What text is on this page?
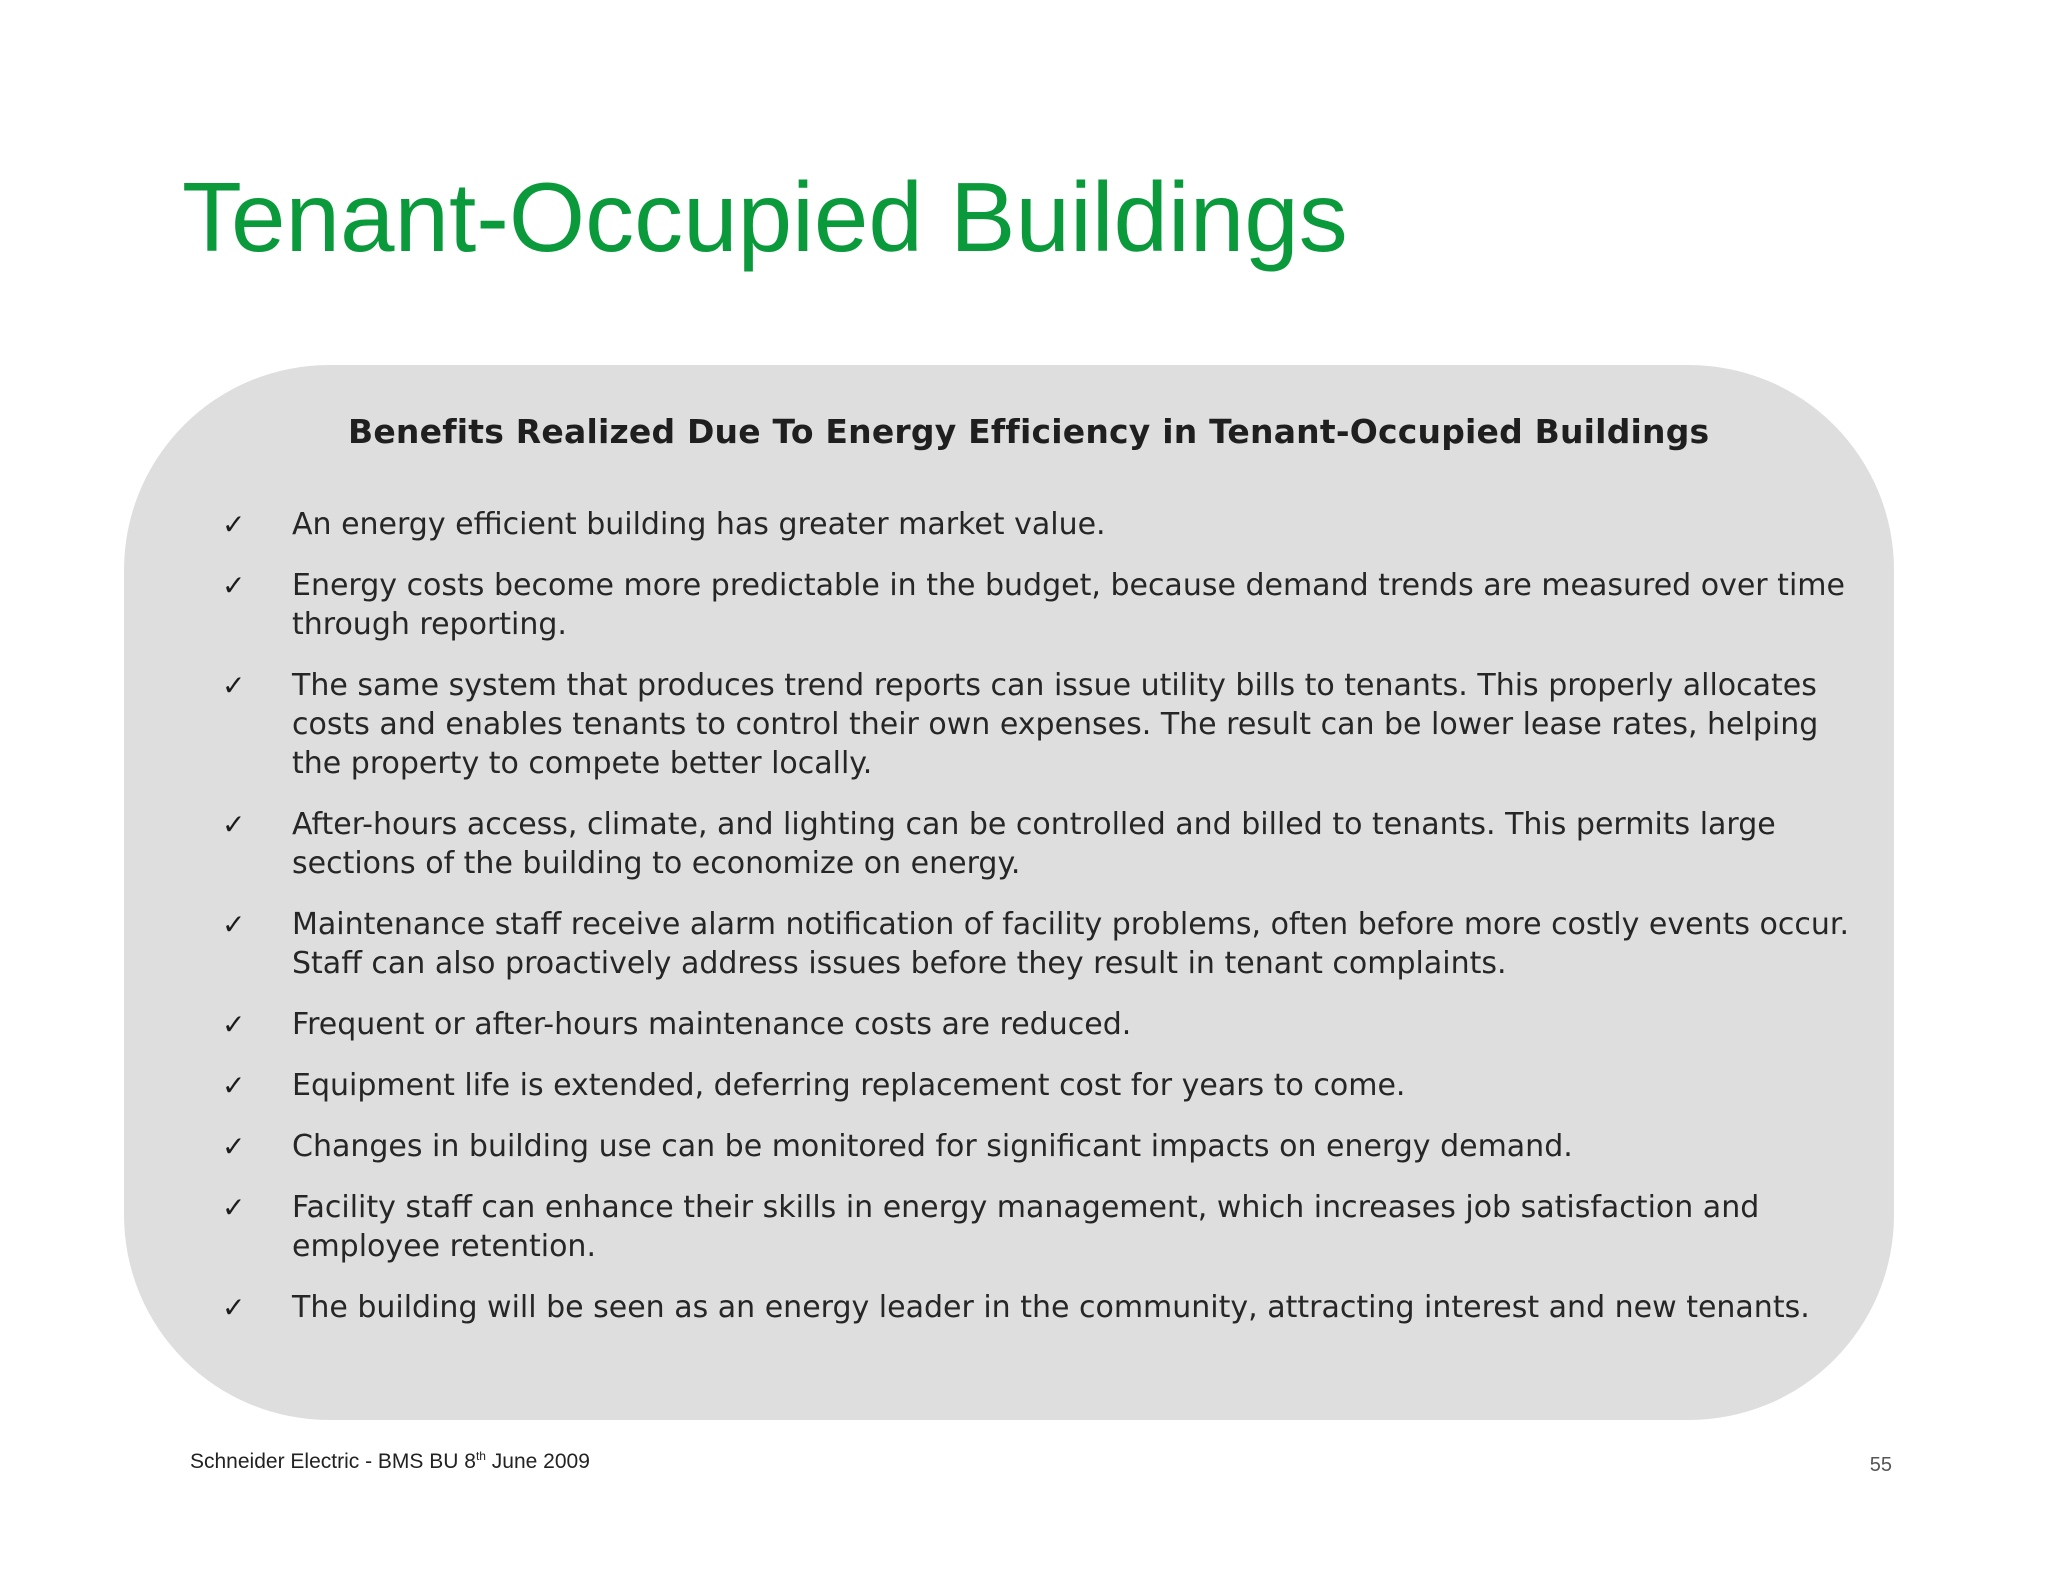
Tenant-Occupied Buildings
Benefits Realized Due To Energy Efficiency in Tenant-Occupied Buildings
✓ An energy efficient building has greater market value.
✓ Energy costs become more predictable in the budget, because demand trends are measured over time through reporting.
✓ The same system that produces trend reports can issue utility bills to tenants. This properly allocates costs and enables tenants to control their own expenses. The result can be lower lease rates, helping the property to compete better locally.
✓ After-hours access, climate, and lighting can be controlled and billed to tenants. This permits large sections of the building to economize on energy.
✓ Maintenance staff receive alarm notification of facility problems, often before more costly events occur. Staff can also proactively address issues before they result in tenant complaints.
✓ Frequent or after-hours maintenance costs are reduced.
✓ Equipment life is extended, deferring replacement cost for years to come.
✓ Changes in building use can be monitored for significant impacts on energy demand.
✓ Facility staff can enhance their skills in energy management, which increases job satisfaction and employee retention.
✓ The building will be seen as an energy leader in the community, attracting interest and new tenants.
Schneider Electric - BMS BU 8th June 2009	55
